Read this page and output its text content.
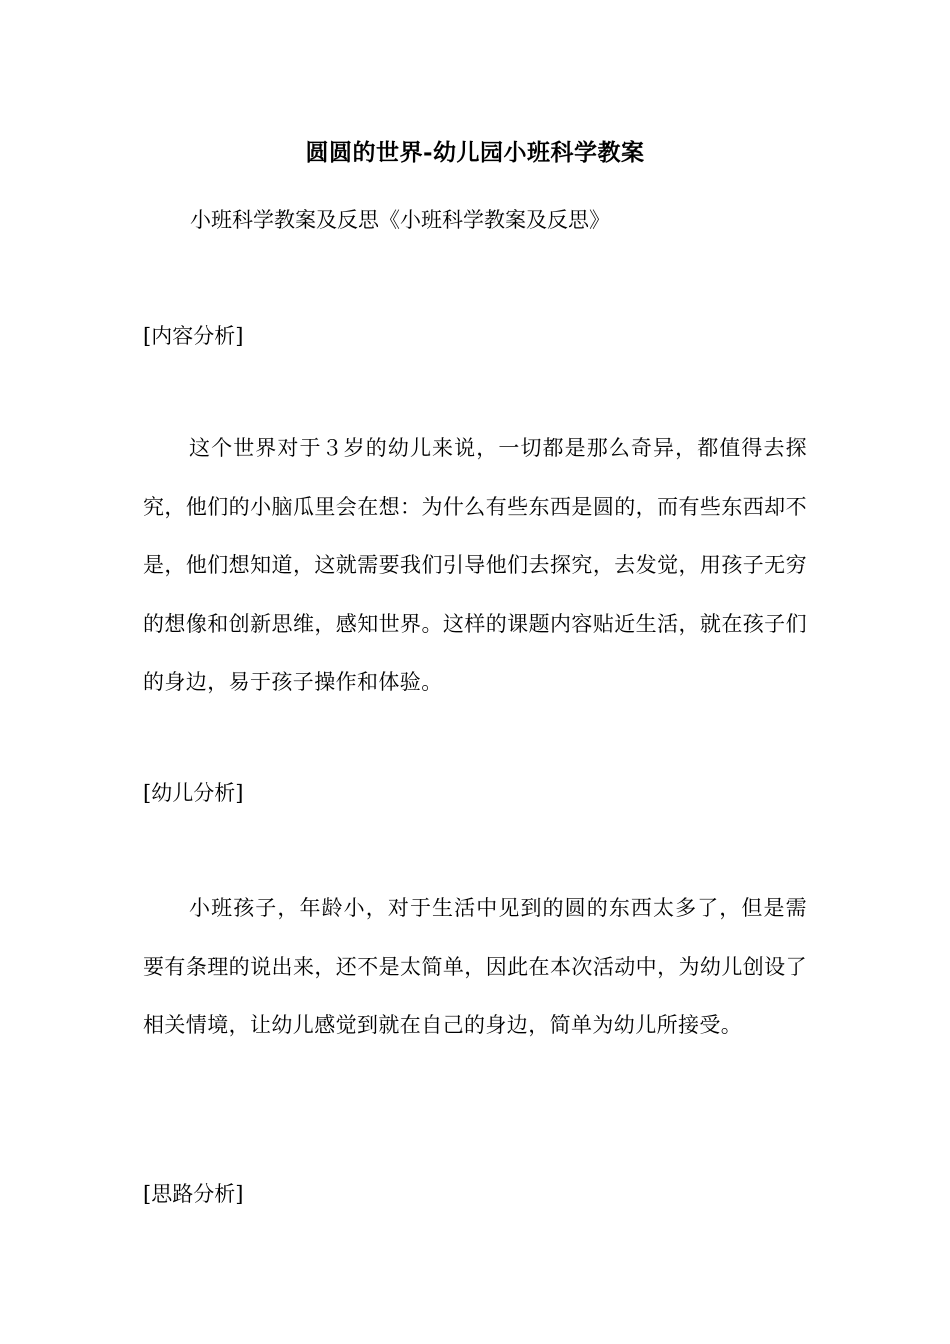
圆圆的世界-幼儿园小班科学教案
小班科学教案及反思《小班科学教案及反思》
[内容分析]
这个世界对于３岁的幼儿来说，一切都是那么奇异，都值得去探究，他们的小脑瓜里会在想：为什么有些东西是圆的，而有些东西却不是，他们想知道，这就需要我们引导他们去探究，去发觉，用孩子无穷的想像和创新思维，感知世界。这样的课题内容贴近生活，就在孩子们的身边，易于孩子操作和体验。
[幼儿分析]
小班孩子，年龄小，对于生活中见到的圆的东西太多了，但是需要有条理的说出来，还不是太简单，因此在本次活动中，为幼儿创设了相关情境，让幼儿感觉到就在自己的身边，简单为幼儿所接受。
[思路分析]
